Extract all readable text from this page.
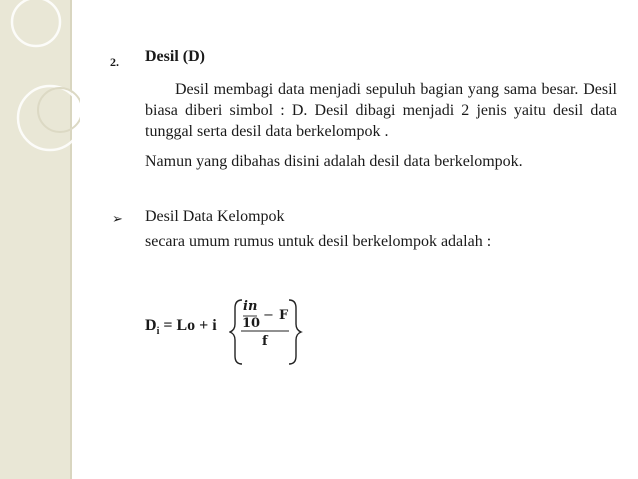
2. Desil (D)
Desil membagi data menjadi sepuluh bagian yang sama besar. Desil biasa diberi simbol : D. Desil dibagi menjadi 2 jenis yaitu desil data tunggal serta desil data berkelompok .
Namun yang dibahas disini adalah desil data berkelompok.
➢ Desil Data Kelompok
secara umum rumus untuk desil berkelompok adalah :
$D_i = Lo + i$
𝒊𝒏
𝟏𝟎
− F
f
